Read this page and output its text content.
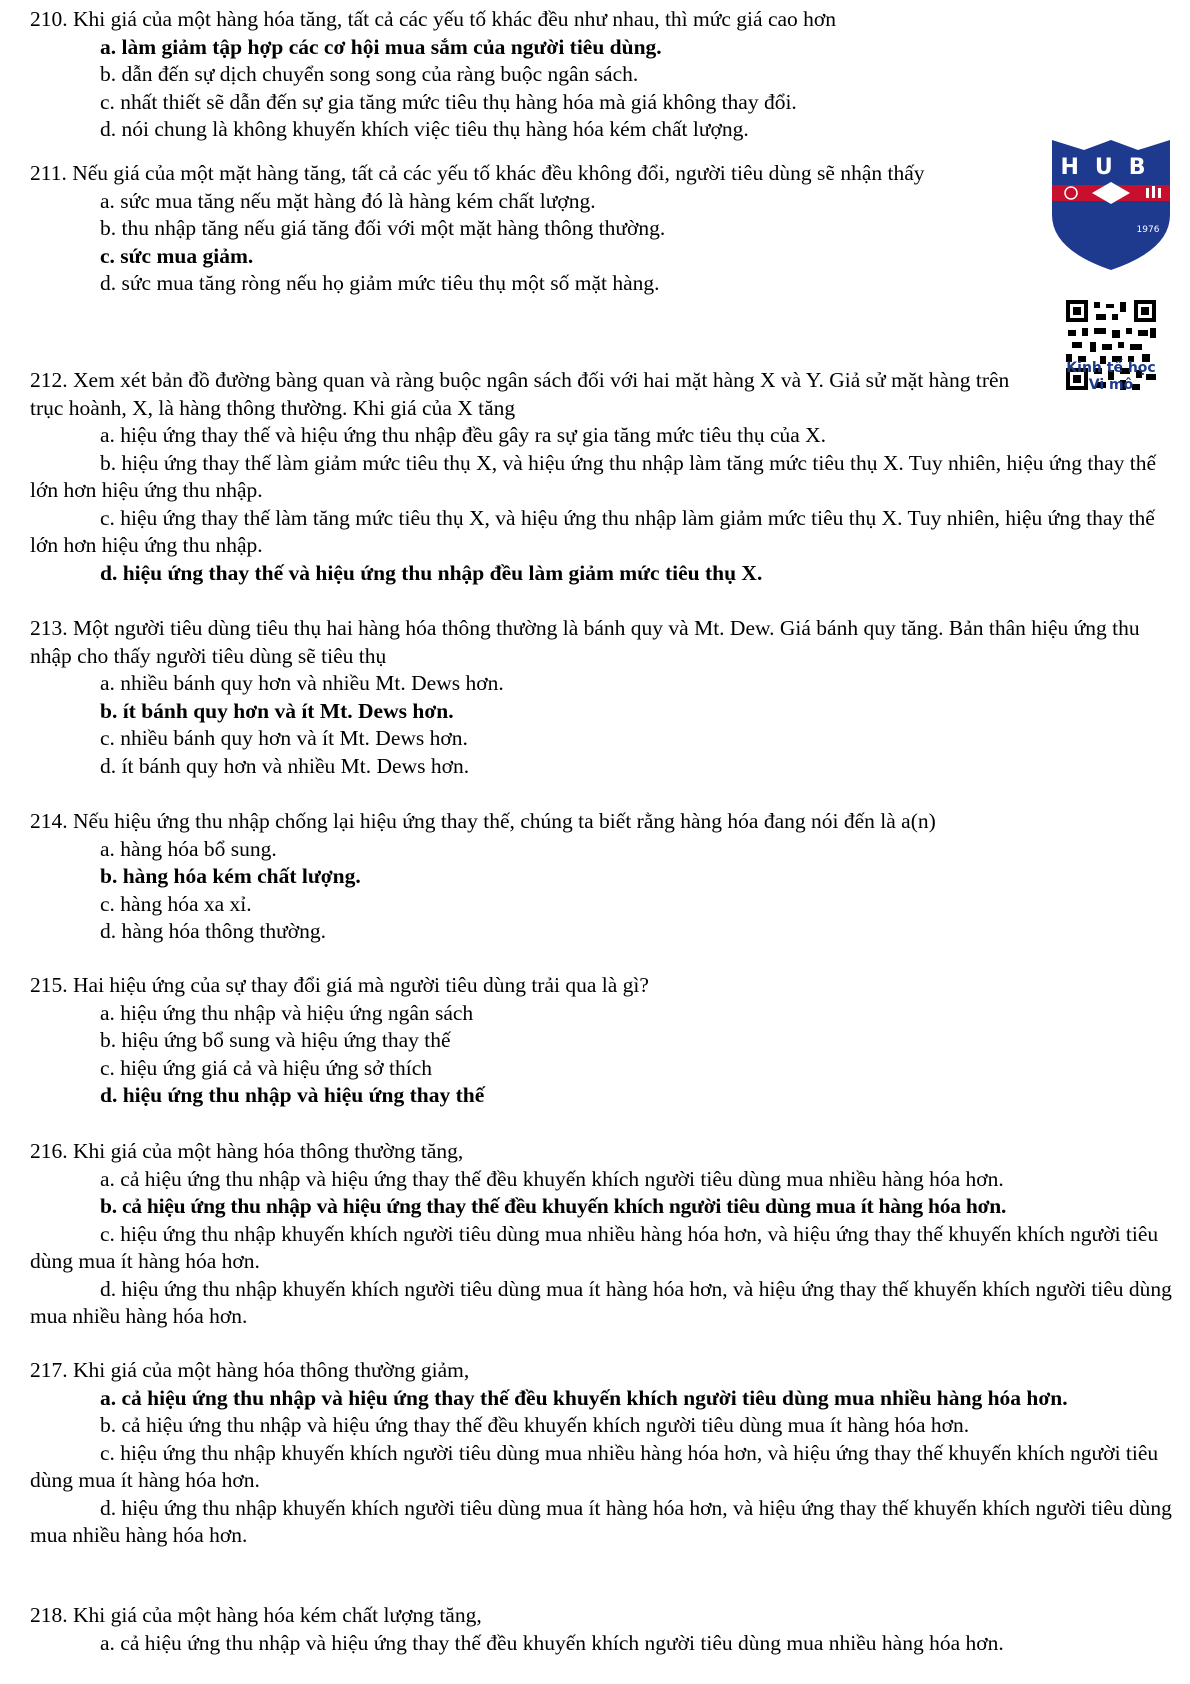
210. Khi giá của một hàng hóa tăng, tất cả các yếu tố khác đều như nhau, thì mức giá cao hơn

a. làm giảm tập hợp các cơ hội mua sắm của người tiêu dùng.

b. dẫn đến sự dịch chuyển song song của ràng buộc ngân sách.

c. nhất thiết sẽ dẫn đến sự gia tăng mức tiêu thụ hàng hóa mà giá không thay đổi.

d. nói chung là không khuyến khích việc tiêu thụ hàng hóa kém chất lượng.

211. Nếu giá của một mặt hàng tăng, tất cả các yếu tố khác đều không đổi, người tiêu dùng sẽ nhận thấy

a. sức mua tăng nếu mặt hàng đó là hàng kém chất lượng.

b. thu nhập tăng nếu giá tăng đối với một mặt hàng thông thường.

c. sức mua giảm.

d. sức mua tăng ròng nếu họ giảm mức tiêu thụ một số mặt hàng.

212. Xem xét bản đồ đường bàng quan và ràng buộc ngân sách đối với hai mặt hàng X và Y. Giả sử mặt hàng trên trục hoành, X, là hàng thông thường. Khi giá của X tăng

a. hiệu ứng thay thế và hiệu ứng thu nhập đều gây ra sự gia tăng mức tiêu thụ của X.

b. hiệu ứng thay thế làm giảm mức tiêu thụ X, và hiệu ứng thu nhập làm tăng mức tiêu thụ X. Tuy nhiên, hiệu ứng thay thế lớn hơn hiệu ứng thu nhập.

c. hiệu ứng thay thế làm tăng mức tiêu thụ X, và hiệu ứng thu nhập làm giảm mức tiêu thụ X. Tuy nhiên, hiệu ứng thay thế lớn hơn hiệu ứng thu nhập.

d. hiệu ứng thay thế và hiệu ứng thu nhập đều làm giảm mức tiêu thụ X.

213. Một người tiêu dùng tiêu thụ hai hàng hóa thông thường là bánh quy và Mt. Dew. Giá bánh quy tăng. Bản thân hiệu ứng thu nhập cho thấy người tiêu dùng sẽ tiêu thụ

a. nhiều bánh quy hơn và nhiều Mt. Dews hơn.

b. ít bánh quy hơn và ít Mt. Dews hơn.

c. nhiều bánh quy hơn và ít Mt. Dews hơn.

d. ít bánh quy hơn và nhiều Mt. Dews hơn.

214. Nếu hiệu ứng thu nhập chống lại hiệu ứng thay thế, chúng ta biết rằng hàng hóa đang nói đến là a(n)

a. hàng hóa bổ sung.

b. hàng hóa kém chất lượng.

c. hàng hóa xa xỉ.

d. hàng hóa thông thường.

215. Hai hiệu ứng của sự thay đổi giá mà người tiêu dùng trải qua là gì?

a. hiệu ứng thu nhập và hiệu ứng ngân sách

b. hiệu ứng bổ sung và hiệu ứng thay thế

c. hiệu ứng giá cả và hiệu ứng sở thích

d. hiệu ứng thu nhập và hiệu ứng thay thế

216. Khi giá của một hàng hóa thông thường tăng,

a. cả hiệu ứng thu nhập và hiệu ứng thay thế đều khuyến khích người tiêu dùng mua nhiều hàng hóa hơn.

b. cả hiệu ứng thu nhập và hiệu ứng thay thế đều khuyến khích người tiêu dùng mua ít hàng hóa hơn.

c. hiệu ứng thu nhập khuyến khích người tiêu dùng mua nhiều hàng hóa hơn, và hiệu ứng thay thế khuyến khích người tiêu dùng mua ít hàng hóa hơn.

d. hiệu ứng thu nhập khuyến khích người tiêu dùng mua ít hàng hóa hơn, và hiệu ứng thay thế khuyến khích người tiêu dùng mua nhiều hàng hóa hơn.

217. Khi giá của một hàng hóa thông thường giảm,

a. cả hiệu ứng thu nhập và hiệu ứng thay thế đều khuyến khích người tiêu dùng mua nhiều hàng hóa hơn.

b. cả hiệu ứng thu nhập và hiệu ứng thay thế đều khuyến khích người tiêu dùng mua ít hàng hóa hơn.

c. hiệu ứng thu nhập khuyến khích người tiêu dùng mua nhiều hàng hóa hơn, và hiệu ứng thay thế khuyến khích người tiêu dùng mua ít hàng hóa hơn.

d. hiệu ứng thu nhập khuyến khích người tiêu dùng mua ít hàng hóa hơn, và hiệu ứng thay thế khuyến khích người tiêu dùng mua nhiều hàng hóa hơn.

218. Khi giá của một hàng hóa kém chất lượng tăng,

a. cả hiệu ứng thu nhập và hiệu ứng thay thế đều khuyến khích người tiêu dùng mua nhiều hàng hóa hơn.

HUB
1976
Kinh tế học
Vi mô
